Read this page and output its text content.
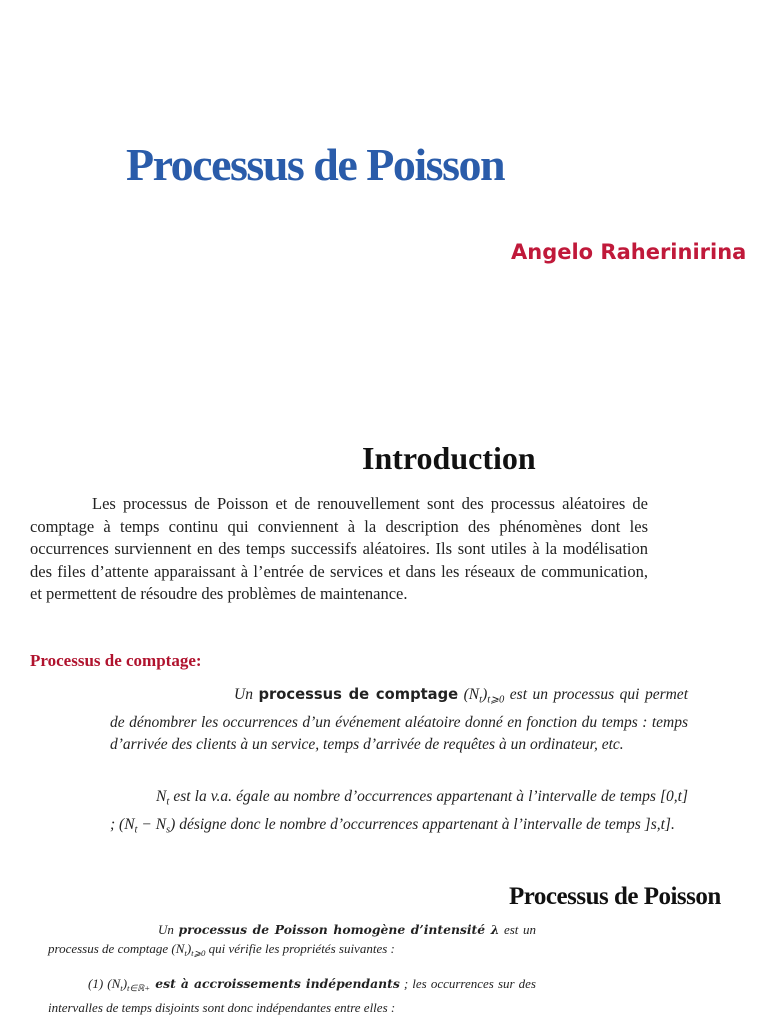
Processus de Poisson
Angelo Raherinirina
Introduction
Les processus de Poisson et de renouvellement sont des processus aléatoires de comptage à temps continu qui conviennent à la description des phénomènes dont les occurrences surviennent en des temps successifs aléatoires. Ils sont utiles à la modélisation des files d’attente apparaissant à l’entrée de services et dans les réseaux de communication, et permettent de résoudre des problèmes de maintenance.
Processus de comptage:
Un processus de comptage $(N_t)_{t⩾0}$ est un processus qui permet de dénombrer les occurrences d’un événement aléatoire donné en fonction du temps : temps d’arrivée des clients à un service, temps d’arrivée de requêtes à un ordinateur, etc.
$N_t$ est la v.a. égale au nombre d’occurrences appartenant à l’intervalle de temps [0,t] ; $(N_t - N_s)$ désigne donc le nombre d’occurrences appartenant à l’intervalle de temps ]s,t].
Processus de Poisson
Un processus de Poisson homogène d’intensité λ est un processus de comptage $(N_t)_{t⩾0}$ qui vérifie les propriétés suivantes :
(1) $(N_t)_{t\in ℝ+}$ est à accroissements indépendants ; les occurrences sur des intervalles de temps disjoints sont donc indépendantes entre elles :
